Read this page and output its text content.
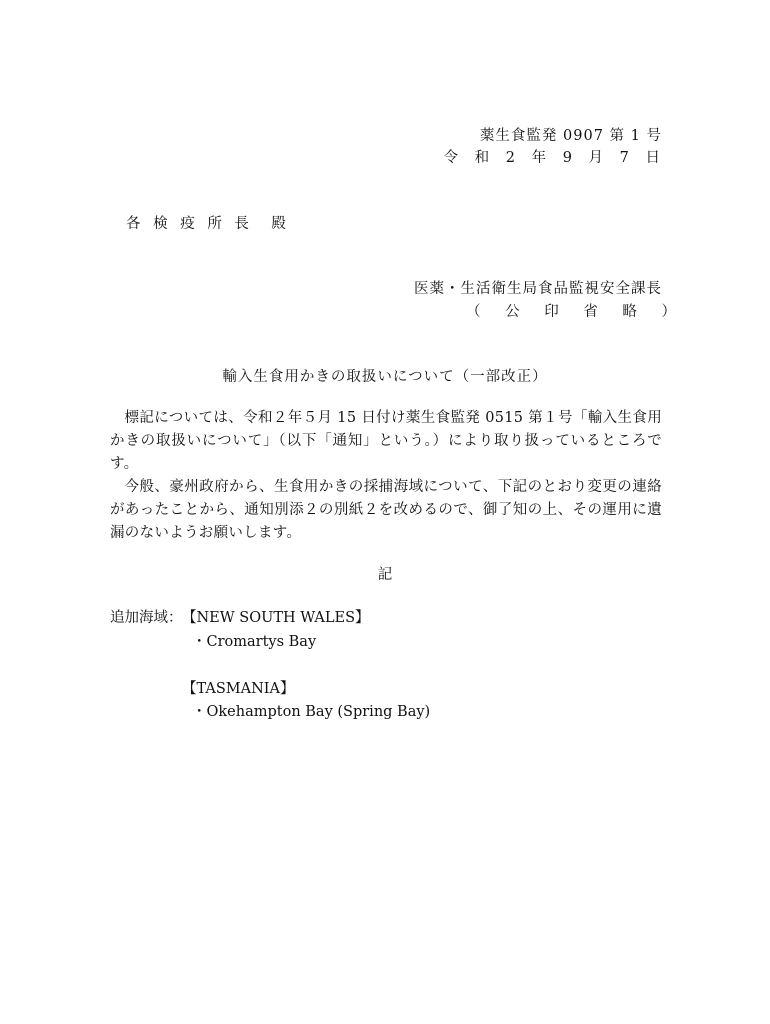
薬生食監発 0907 第 1 号
令 和 2 年 9 月 7 日
各 検 疫 所 長　殿
医薬・生活衛生局食品監視安全課長
（ 公 印 省 略 ）
輸入生食用かきの取扱いについて（一部改正）

標記については、令和２年５月 15 日付け薬生食監発 0515 第１号「輸入生食用かきの取扱いについて」（以下「通知」という。）により取り扱っているところです。

今般、豪州政府から、生食用かきの採捕海域について、下記のとおり変更の連絡があったことから、通知別添２の別紙２を改めるので、御了知の上、その運用に遺漏のないようお願いします。

記
追加海域： 【NEW SOUTH WALES】
・Cromartys Bay
【TASMANIA】
・Okehampton Bay (Spring Bay)
